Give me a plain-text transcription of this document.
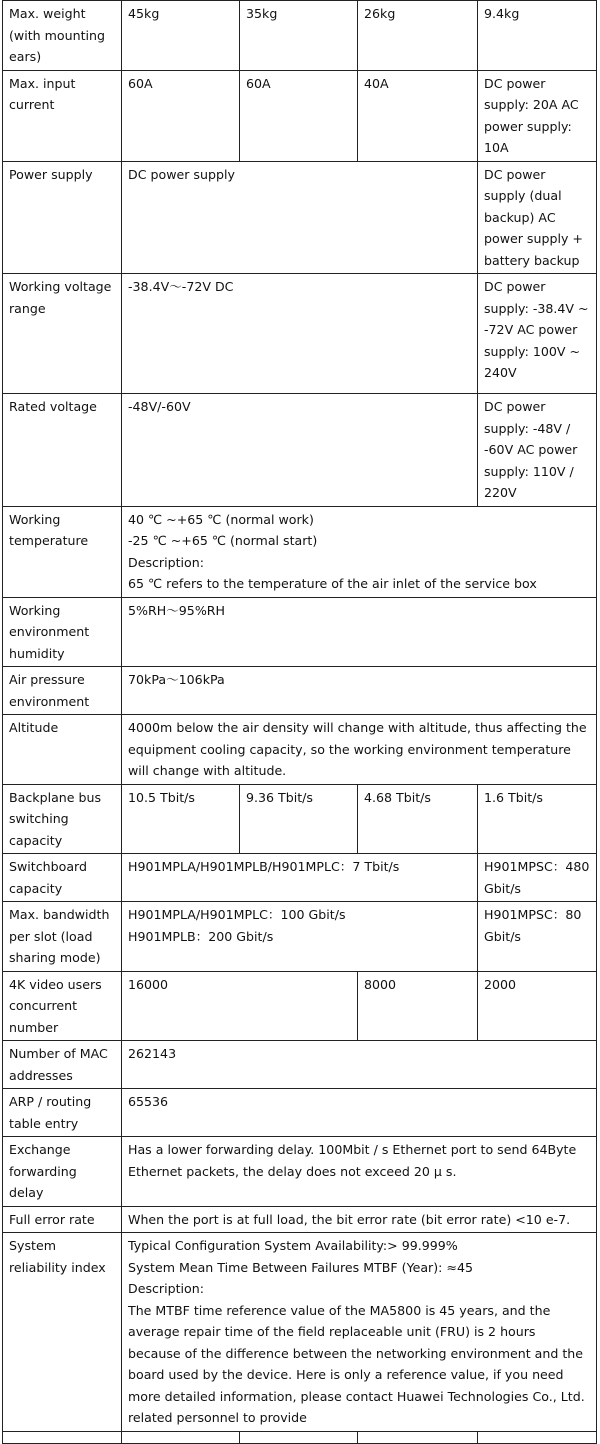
Max. weight (with mounting ears)	45kg	35kg	26kg	9.4kg
Max. input current	60A	60A	40A	DC power supply: 20A AC power supply: 10A
Power supply	DC power supply			DC power supply (dual backup) AC power supply + battery backup
Working voltage range	-38.4V～-72V DC			DC power supply: -38.4V ~ -72V AC power supply: 100V ~ 240V
Rated voltage	-48V/-60V			DC power supply: -48V / -60V AC power supply: 110V / 220V
Working temperature	40 ℃ ~+65 ℃ (normal work)
-25 ℃ ~+65 ℃ (normal start)
Description:
65 ℃ refers to the temperature of the air inlet of the service box			

Working environment humidity	5%RH～95%RH			
Air pressure environment	70kPa～106kPa			
Altitude	4000m below the air density will change with altitude, thus affecting the equipment cooling capacity, so the working environment temperature will change with altitude.			
Backplane bus switching capacity	10.5 Tbit/s	9.36 Tbit/s	4.68 Tbit/s	1.6 Tbit/s
Switchboard capacity	H901MPLA/H901MPLB/H901MPLC：7 Tbit/s			H901MPSC：480 Gbit/s
Max. bandwidth per slot (load sharing mode)	H901MPLA/H901MPLC：100 Gbit/s
H901MPLB：200 Gbit/s			H901MPSC：80 Gbit/s
4K video users concurrent number	16000		8000	2000
Number of MAC addresses	262143			
ARP / routing table entry	65536			
Exchange forwarding delay	Has a lower forwarding delay. 100Mbit / s Ethernet port to send 64Byte Ethernet packets, the delay does not exceed 20 μ s.			
Full error rate	When the port is at full load, the bit error rate (bit error rate) <10 e-7.			
System reliability index	Typical Configuration System Availability:> 99.999%
System Mean Time Between Failures MTBF (Year): ≈45
Description:
The MTBF time reference value of the MA5800 is 45 years, and the average repair time of the field replaceable unit (FRU) is 2 hours because of the difference between the networking environment and the board used by the device. Here is only a reference value, if you need more detailed information, please contact Huawei Technologies Co., Ltd. related personnel to provide			
